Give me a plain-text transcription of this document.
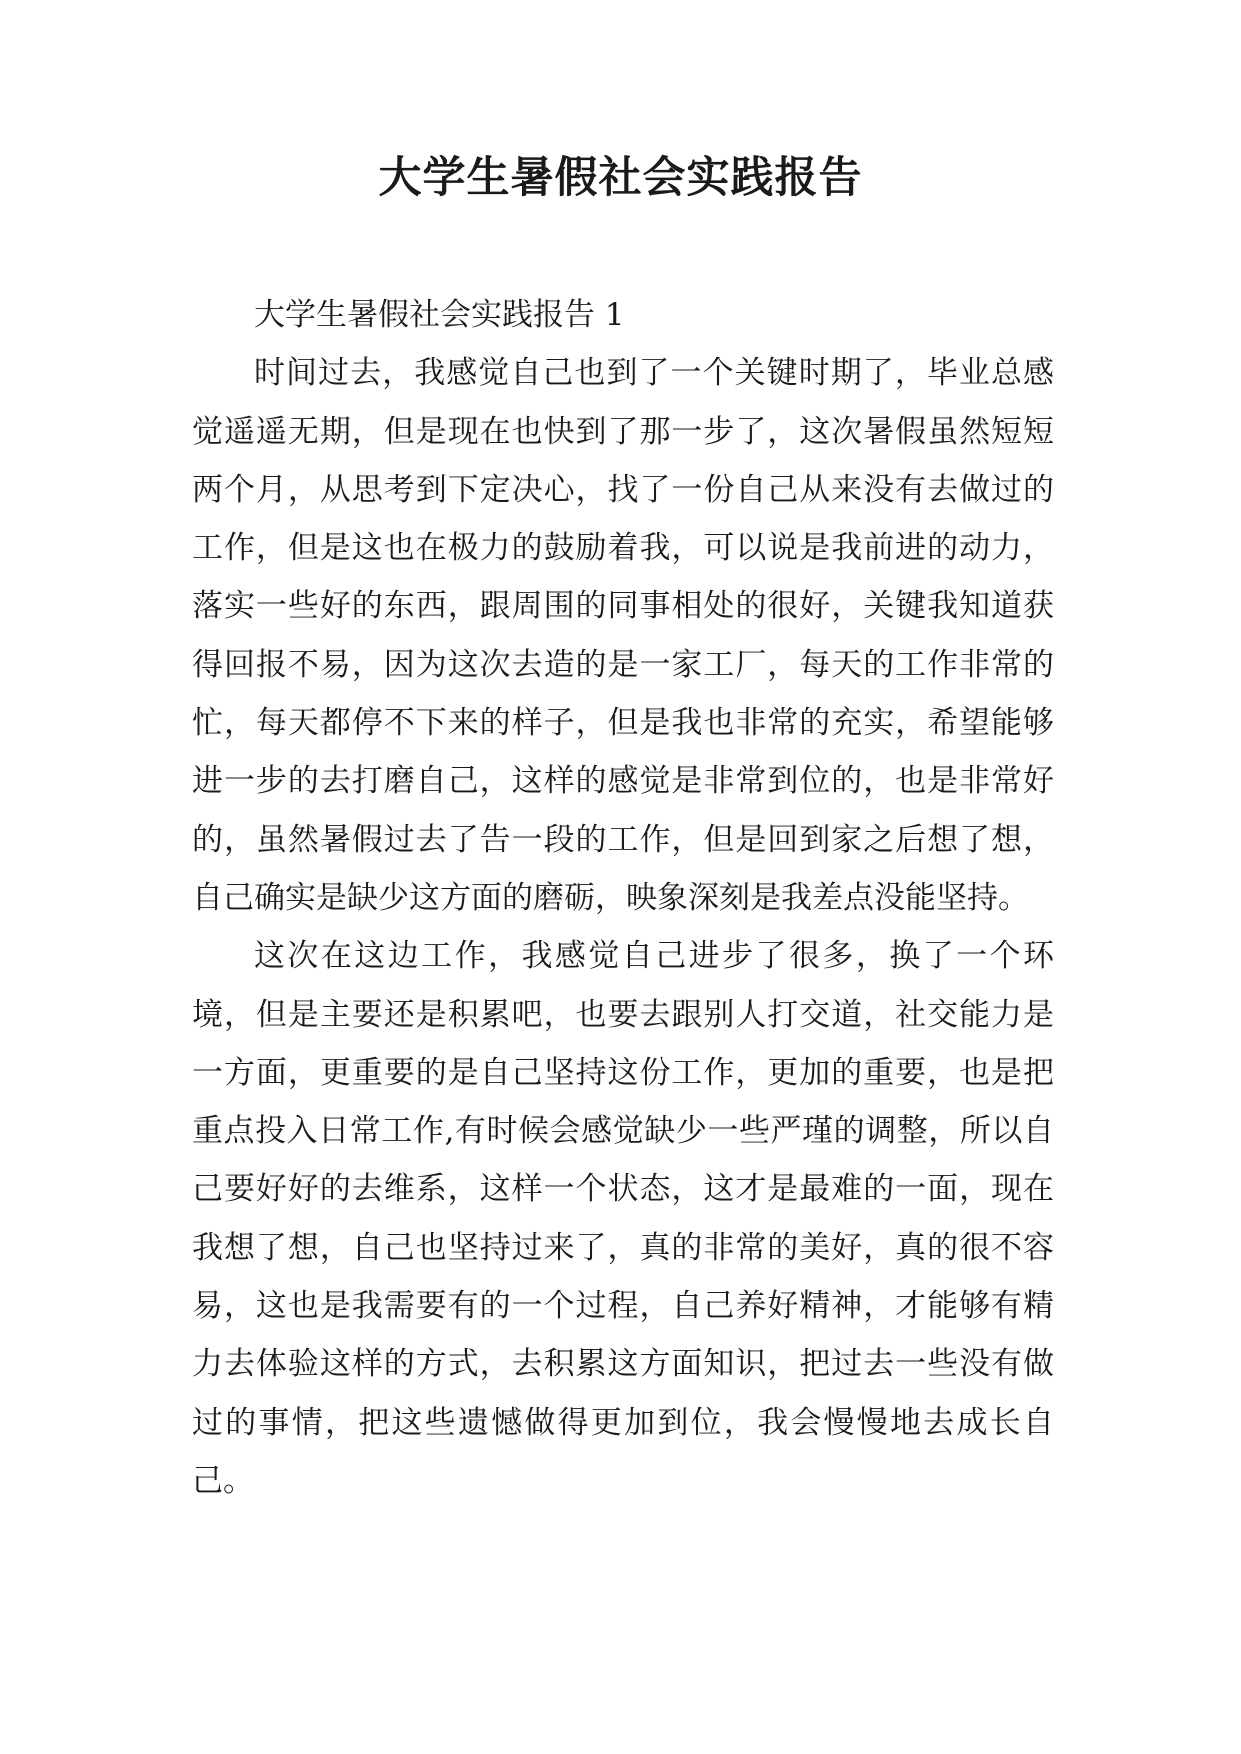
大学生暑假社会实践报告

大学生暑假社会实践报告 1

时间过去，我感觉自己也到了一个关键时期了，毕业总感觉遥遥无期，但是现在也快到了那一步了，这次暑假虽然短短两个月，从思考到下定决心，找了一份自己从来没有去做过的工作，但是这也在极力的鼓励着我，可以说是我前进的动力，落实一些好的东西，跟周围的同事相处的很好，关键我知道获得回报不易，因为这次去造的是一家工厂，每天的工作非常的忙，每天都停不下来的样子，但是我也非常的充实，希望能够进一步的去打磨自己，这样的感觉是非常到位的，也是非常好的，虽然暑假过去了告一段的工作，但是回到家之后想了想，自己确实是缺少这方面的磨砺，映象深刻是我差点没能坚持。

这次在这边工作，我感觉自己进步了很多，换了一个环境，但是主要还是积累吧，也要去跟别人打交道，社交能力是一方面，更重要的是自己坚持这份工作，更加的重要，也是把重点投入日常工作,有时候会感觉缺少一些严瑾的调整，所以自己要好好的去维系，这样一个状态，这才是最难的一面，现在我想了想，自己也坚持过来了，真的非常的美好，真的很不容易，这也是我需要有的一个过程，自己养好精神，才能够有精力去体验这样的方式，去积累这方面知识，把过去一些没有做过的事情，把这些遗憾做得更加到位，我会慢慢地去成长自己。
